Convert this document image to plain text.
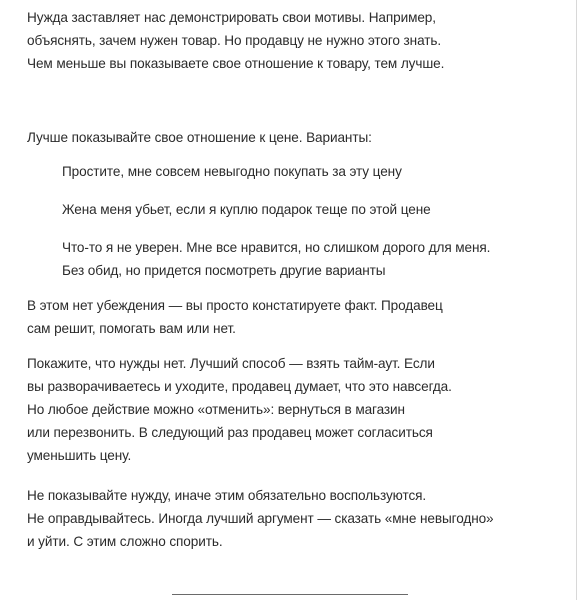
Нужда заставляет нас демонстрировать свои мотивы. Например,
объяснять, зачем нужен товар. Но продавцу не нужно этого знать.
Чем меньше вы показываете свое отношение к товару, тем лучше.
Лучше показывайте свое отношение к цене. Варианты:
Простите, мне совсем невыгодно покупать за эту цену
Жена меня убьет, если я куплю подарок теще по этой цене
Что-то я не уверен. Мне все нравится, но слишком дорого для меня.
Без обид, но придется посмотреть другие варианты
В этом нет убеждения — вы просто констатируете факт. Продавец
сам решит, помогать вам или нет.
Покажите, что нужды нет. Лучший способ — взять тайм-аут. Если
вы разворачиваетесь и уходите, продавец думает, что это навсегда.
Но любое действие можно «отменить»: вернуться в магазин
или перезвонить. В следующий раз продавец может согласиться
уменьшить цену.
Не показывайте нужду, иначе этим обязательно воспользуются.
Не оправдывайтесь. Иногда лучший аргумент — сказать «мне невыгодно»
и уйти. С этим сложно спорить.
